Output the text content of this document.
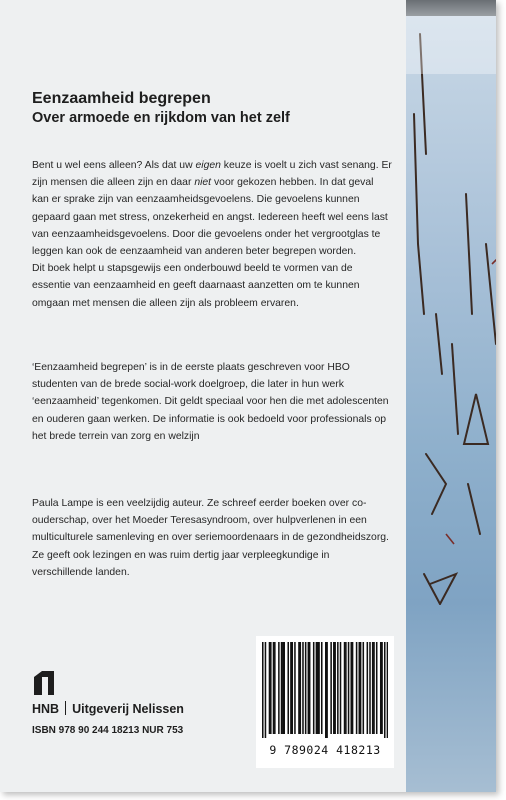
Eenzaamheid begrepen
Over armoede en rijkdom van het zelf

Bent u wel eens alleen? Als dat uw eigen keuze is voelt u zich vast senang. Er zijn mensen die alleen zijn en daar niet voor gekozen hebben. In dat geval kan er sprake zijn van eenzaamheidsgevoelens. Die gevoelens kunnen gepaard gaan met stress, onzekerheid en angst. Iedereen heeft wel eens last van eenzaamheidsgevoelens. Door die gevoelens onder het vergrootglas te leggen kan ook de eenzaamheid van anderen beter begrepen worden.

Dit boek helpt u stapsgewijs een onderbouwd beeld te vormen van de essentie van eenzaamheid en geeft daarnaast aanzetten om te kunnen omgaan met mensen die alleen zijn als probleem ervaren.

‘Eenzaamheid begrepen’ is in de eerste plaats geschreven voor HBO studenten van de brede social-work doelgroep, die later in hun werk ‘eenzaamheid’ tegenkomen. Dit geldt speciaal voor hen die met adolescenten en ouderen gaan werken. De informatie is ook bedoeld voor professionals op het brede terrein van zorg en welzijn

Paula Lampe is een veelzijdig auteur. Ze schreef eerder boeken over co-ouderschap, over het Moeder Teresasyndroom, over hulpverlenen in een multiculturele samenleving en over seriemoordenaars in de gezondheidszorg.

Ze geeft ook lezingen en was ruim dertig jaar verpleegkundige in verschillende landen.

HNB Uitgeverij Nelissen
ISBN 978 90 244 18213 NUR 753
9 789024 418213
